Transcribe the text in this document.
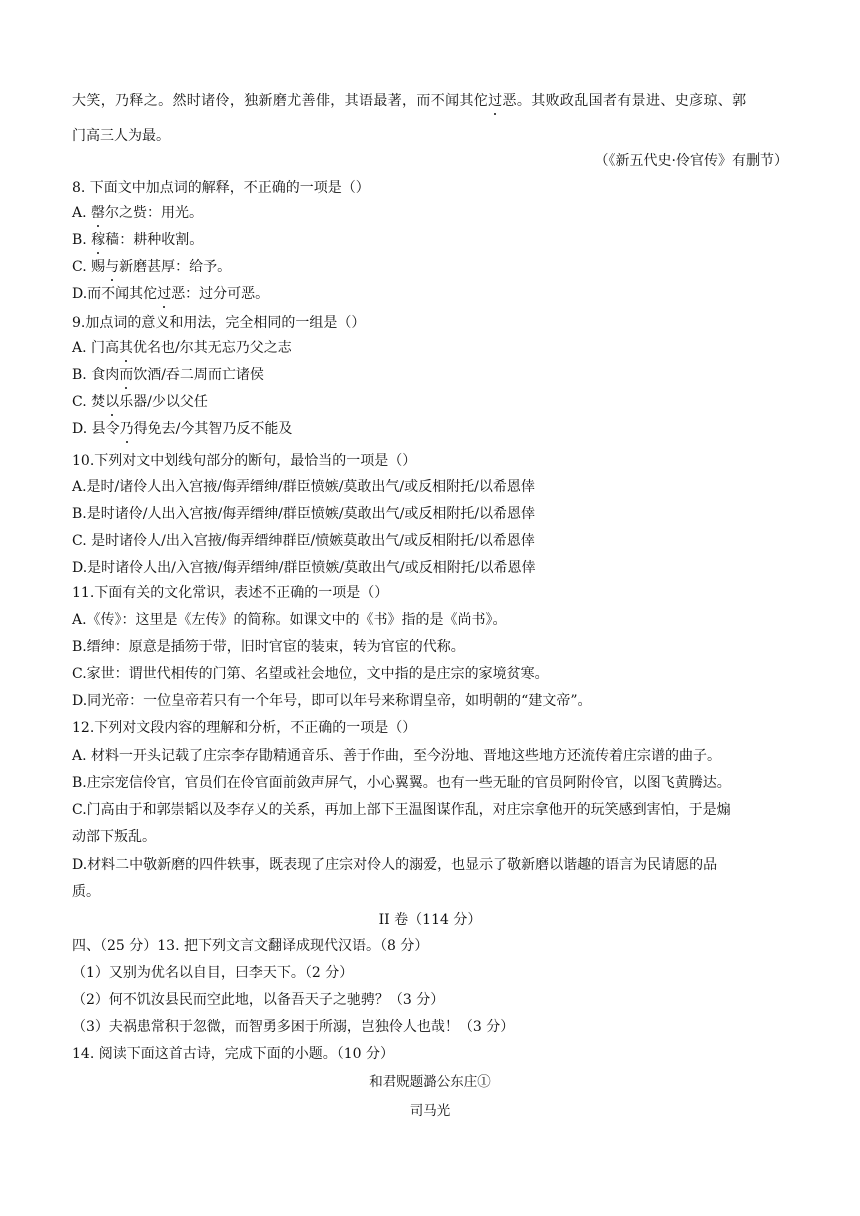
大笑，乃释之。然时诸伶，独新磨尤善俳，其语最著，而不闻其佗过恶。其败政乱国者有景进、史彦琼、郭
门高三人为最。
（《新五代史·伶官传》有删节）
8. 下面文中加点词的解释，不正确的一项是（）
A. 罄尔之赀：用光。
B. 稼穑：耕种收割。
C. 赐与新磨甚厚：给予。
D.而不闻其佗过恶：过分可恶。
9.加点词的意义和用法，完全相同的一组是（）
A. 门高其优名也/尔其无忘乃父之志
B. 食肉而饮酒/吞二周而亡诸侯
C. 焚以乐器/少以父任
D. 县令乃得免去/今其智乃反不能及
10.下列对文中划线句部分的断句，最恰当的一项是（）
A.是时/诸伶人出入宫掖/侮弄缙绅/群臣愤嫉/莫敢出气/或反相附托/以希恩倖
B.是时诸伶/人出入宫掖/侮弄缙绅/群臣愤嫉/莫敢出气/或反相附托/以希恩倖
C. 是时诸伶人/出入宫掖/侮弄缙绅群臣/愤嫉莫敢出气/或反相附托/以希恩倖
D.是时诸伶人出/入宫掖/侮弄缙绅/群臣愤嫉/莫敢出气/或反相附托/以希恩倖
11.下面有关的文化常识，表述不正确的一项是（）
A.《传》：这里是《左传》的简称。如课文中的《书》指的是《尚书》。
B.缙绅：原意是插笏于带，旧时官宦的装束，转为官宦的代称。
C.家世：谓世代相传的门第、名望或社会地位，文中指的是庄宗的家境贫寒。
D.同光帝：一位皇帝若只有一个年号，即可以年号来称谓皇帝，如明朝的“建文帝”。
12.下列对文段内容的理解和分析，不正确的一项是（）
A. 材料一开头记载了庄宗李存勖精通音乐、善于作曲，至今汾地、晋地这些地方还流传着庄宗谱的曲子。
B.庄宗宠信伶官，官员们在伶官面前敛声屏气，小心翼翼。也有一些无耻的官员阿附伶官，以图飞黄腾达。
C.门高由于和郭崇韬以及李存乂的关系，再加上部下王温图谋作乱，对庄宗拿他开的玩笑感到害怕，于是煽
动部下叛乱。
D.材料二中敬新磨的四件轶事，既表现了庄宗对伶人的溺爱，也显示了敬新磨以谐趣的语言为民请愿的品
质。
II 卷（114 分）
四、（25 分）13. 把下列文言文翻译成现代汉语。（8 分）
（1）又别为优名以自目，曰李天下。（2 分）
（2）何不饥汝县民而空此地，以备吾天子之驰骋？（3 分）
（3）夫祸患常积于忽微，而智勇多困于所溺，岂独伶人也哉！（3 分）
14. 阅读下面这首古诗，完成下面的小题。（10 分）
和君贶题潞公东庄①
司马光
